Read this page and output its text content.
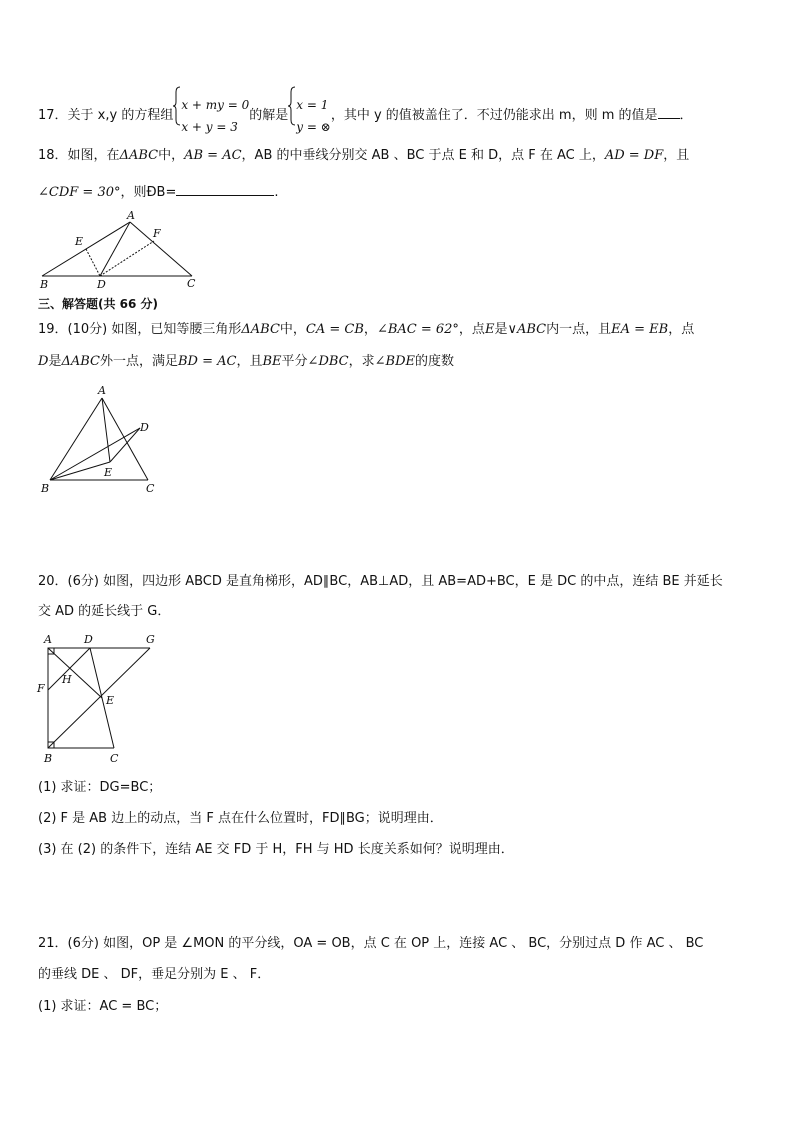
17．关于 x,y 的方程组x + my = 0
x + y = 3的解是x = 1
y = ⊗，其中 y 的值被盖住了．不过仍能求出 m，则 m 的值是 ．
18．如图，在ΔABC中，AB = AC，AB 的中垂线分别交 AB 、BC 于点 E 和 D，点 F 在 AC 上，AD = DF，且
∠CDF = 30°，则ÐB=	.
A
B	C
D
E
F
三、解答题(共 66 分)
19．(10分) 如图，已知等腰三角形ΔABC中，CA = CB，∠BAC = 62°，点E是∨ABC内一点，且EA = EB，点
D是ΔABC外一点，满足BD = AC，且BE平分∠DBC，求∠BDE的度数
A
B	C
D
E
20．(6分) 如图，四边形 ABCD 是直角梯形，AD∥BC，AB⊥AD，且 AB=AD+BC，E 是 DC 的中点，连结 BE 并延长
交 AD 的延长线于 G．
A	D	G
F
H
E
B	C
(1) 求证：DG=BC；
(2) F 是 AB 边上的动点，当 F 点在什么位置时，FD∥BG；说明理由．
(3) 在 (2) 的条件下，连结 AE 交 FD 于 H，FH 与 HD 长度关系如何？说明理由．
21．(6分) 如图，OP 是 ∠MON 的平分线，OA = OB，点 C 在 OP 上，连接 AC 、 BC，分别过点 D 作 AC 、 BC
的垂线 DE 、 DF，垂足分别为 E 、 F．
(1) 求证：AC = BC；
